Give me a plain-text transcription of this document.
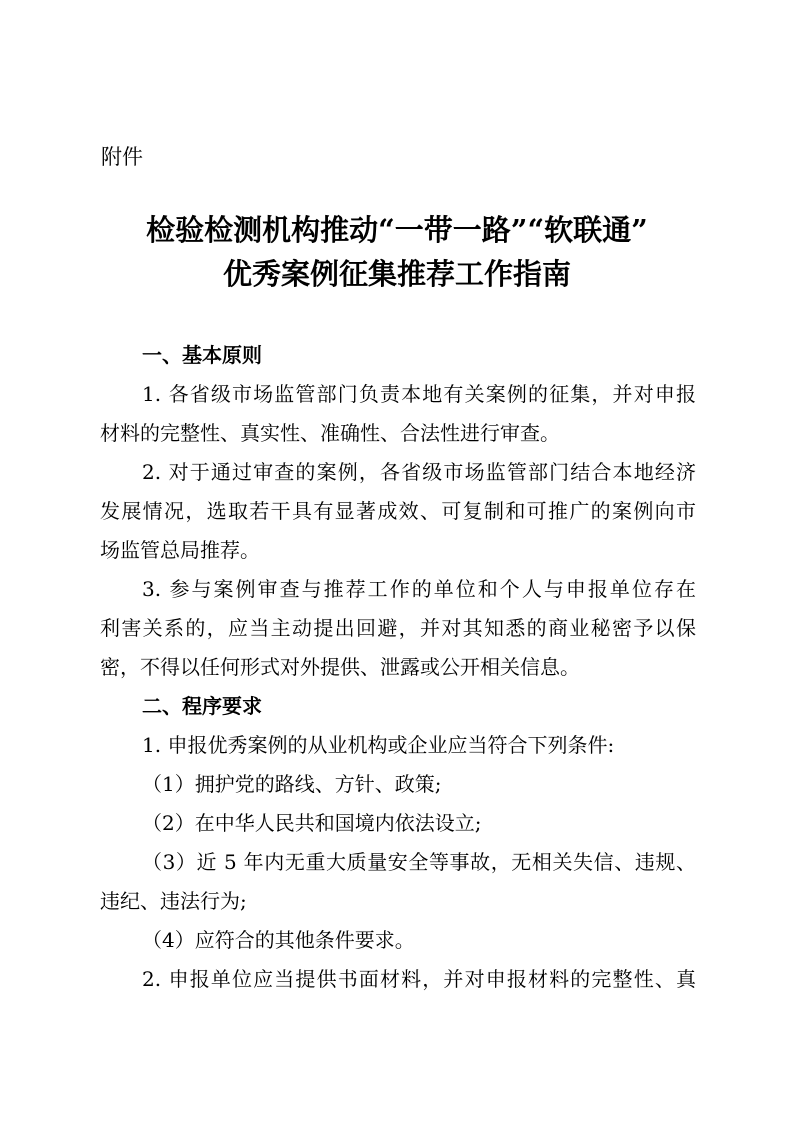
附件
检验检测机构推动“一带一路”“软联通”
优秀案例征集推荐工作指南
一、基本原则
1. 各省级市场监管部门负责本地有关案例的征集，并对申报
材料的完整性、真实性、准确性、合法性进行审查。
2. 对于通过审查的案例，各省级市场监管部门结合本地经济
发展情况，选取若干具有显著成效、可复制和可推广的案例向市
场监管总局推荐。
3. 参与案例审查与推荐工作的单位和个人与申报单位存在
利害关系的，应当主动提出回避，并对其知悉的商业秘密予以保
密，不得以任何形式对外提供、泄露或公开相关信息。
二、程序要求
1. 申报优秀案例的从业机构或企业应当符合下列条件:
（1）拥护党的路线、方针、政策;
（2）在中华人民共和国境内依法设立;
（3）近 5 年内无重大质量安全等事故，无相关失信、违规、
违纪、违法行为;
（4）应符合的其他条件要求。
2. 申报单位应当提供书面材料，并对申报材料的完整性、真
